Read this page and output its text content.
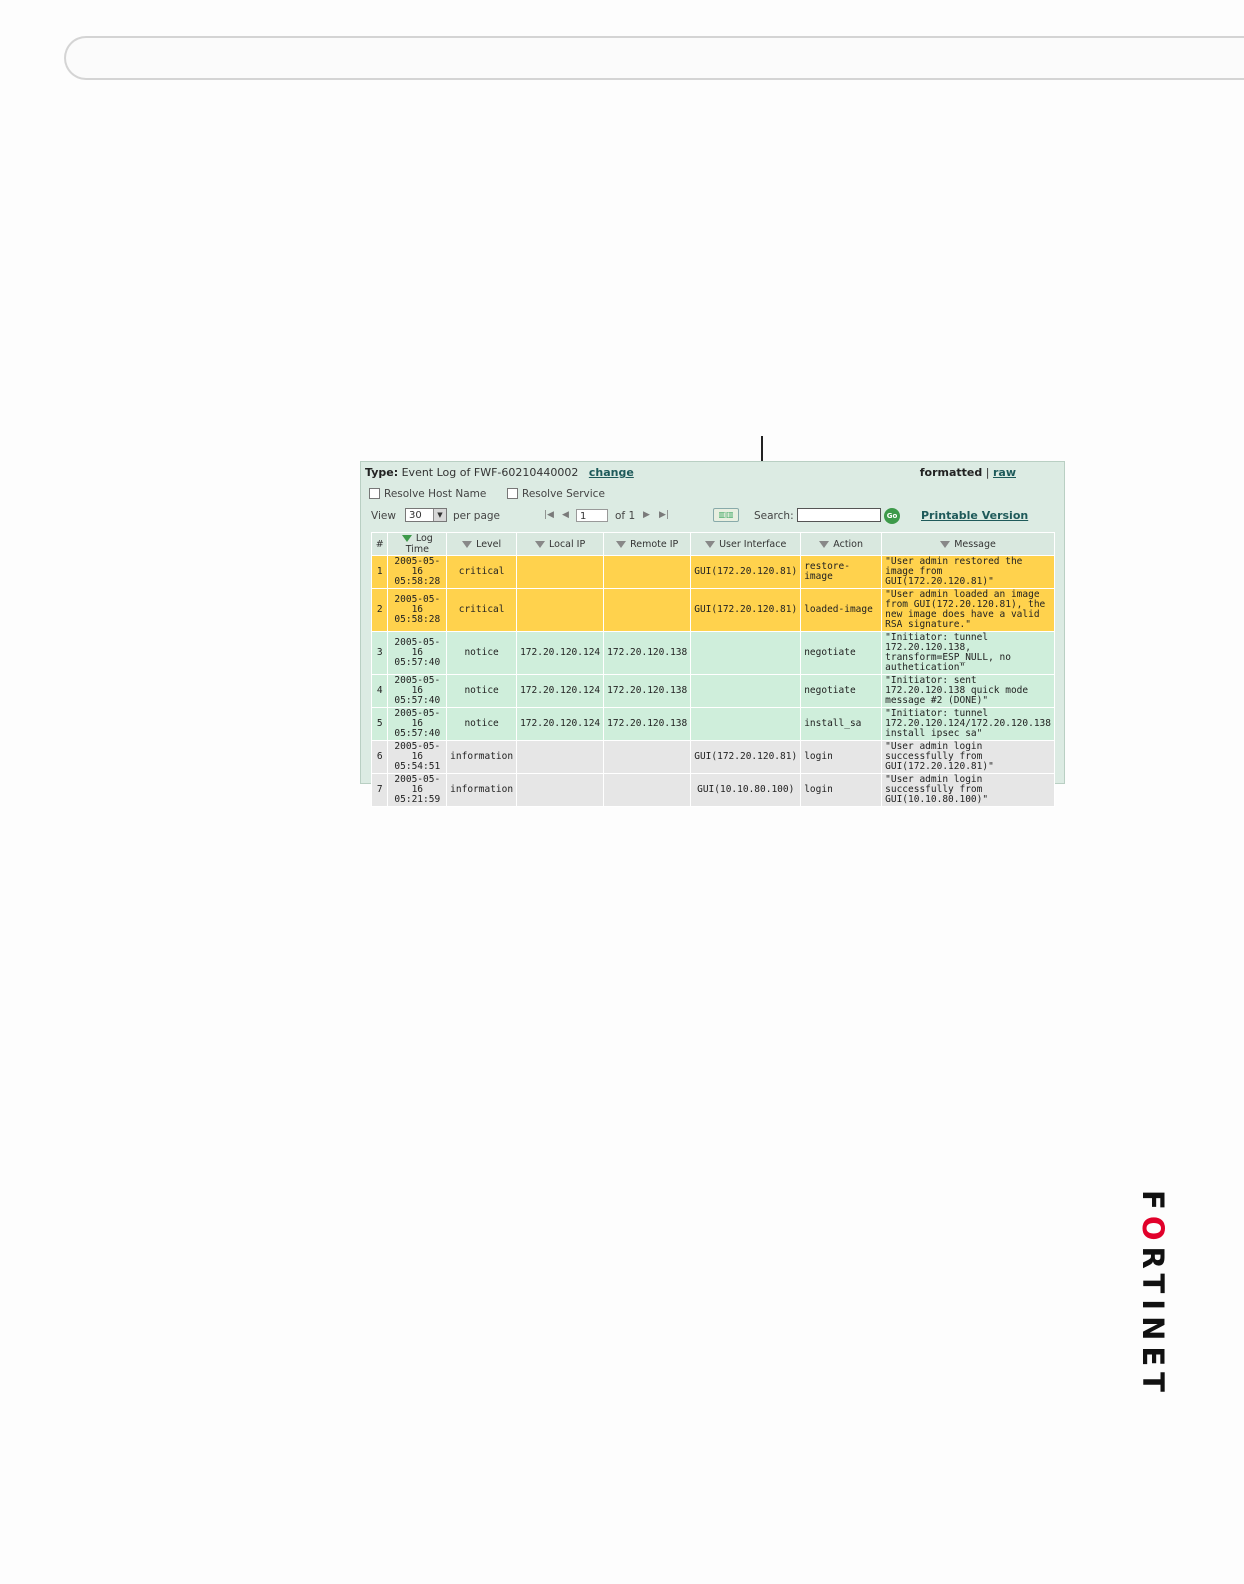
Type: Event Log of FWF-60210440002 change	formatted | raw
Resolve Host Name	Resolve Service
View	30	▼ per page	|◀ ◀	1	of 1 ▶ ▶|	▥▥	Search:	Go Printable Version
#	Log Time	Level	Local IP	Remote IP	User Interface	Action	Message
1	2005-05-16 05:58:28	critical			GUI(172.20.120.81)	restore-image	"User admin restored the image from GUI(172.20.120.81)"
2	2005-05-16 05:58:28	critical			GUI(172.20.120.81)	loaded-image	"User admin loaded an image from GUI(172.20.120.81), the new image does have a valid RSA signature."
3	2005-05-16 05:57:40	notice	172.20.120.124	172.20.120.138		negotiate	"Initiator: tunnel 172.20.120.138, transform=ESP_NULL, no authetication"
4	2005-05-16 05:57:40	notice	172.20.120.124	172.20.120.138		negotiate	"Initiator: sent 172.20.120.138 quick mode message #2 (DONE)"
5	2005-05-16 05:57:40	notice	172.20.120.124	172.20.120.138		install_sa	"Initiator: tunnel 172.20.120.124/172.20.120.138 install ipsec sa"
6	2005-05-16 05:54:51	information			GUI(172.20.120.81)	login	"User admin login successfully from GUI(172.20.120.81)"
7	2005-05-16 05:21:59	information			GUI(10.10.80.100)	login	"User admin login successfully from GUI(10.10.80.100)"
FORTINET
